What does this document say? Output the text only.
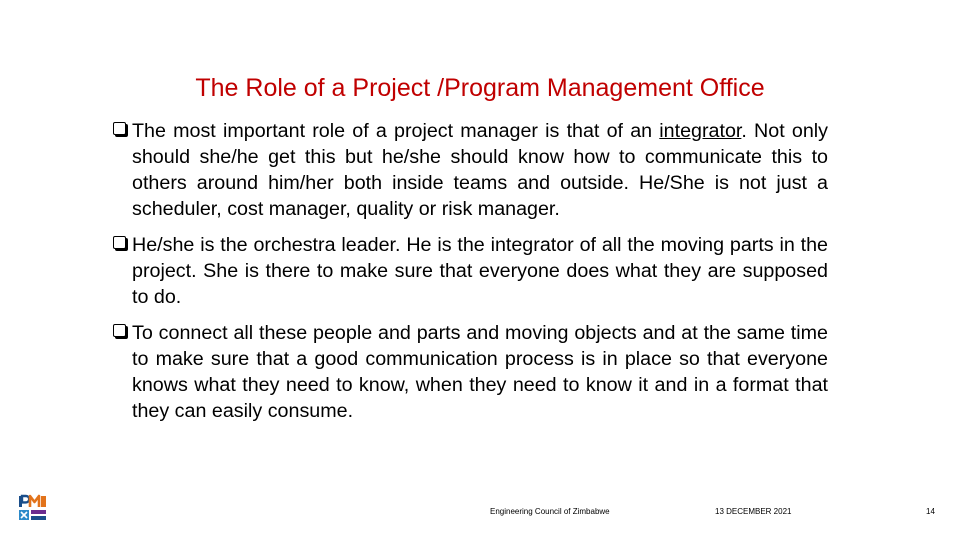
The Role of a Project /Program Management Office
The most important role of a project manager is that of an integrator. Not only should she/he get this but he/she should know how to communicate this to others around him/her both inside teams and outside. He/She is not just a scheduler, cost manager, quality or risk manager.
He/she is the orchestra leader. He is the integrator of all the moving parts in the project. She is there to make sure that everyone does what they are supposed to do.
To connect all these people and parts and moving objects and at the same time to make sure that a good communication process is in place so that everyone knows what they need to know, when they need to know it and in a format that they can easily consume.
Engineering Council of Zimbabwe	13 DECEMBER 2021	14
